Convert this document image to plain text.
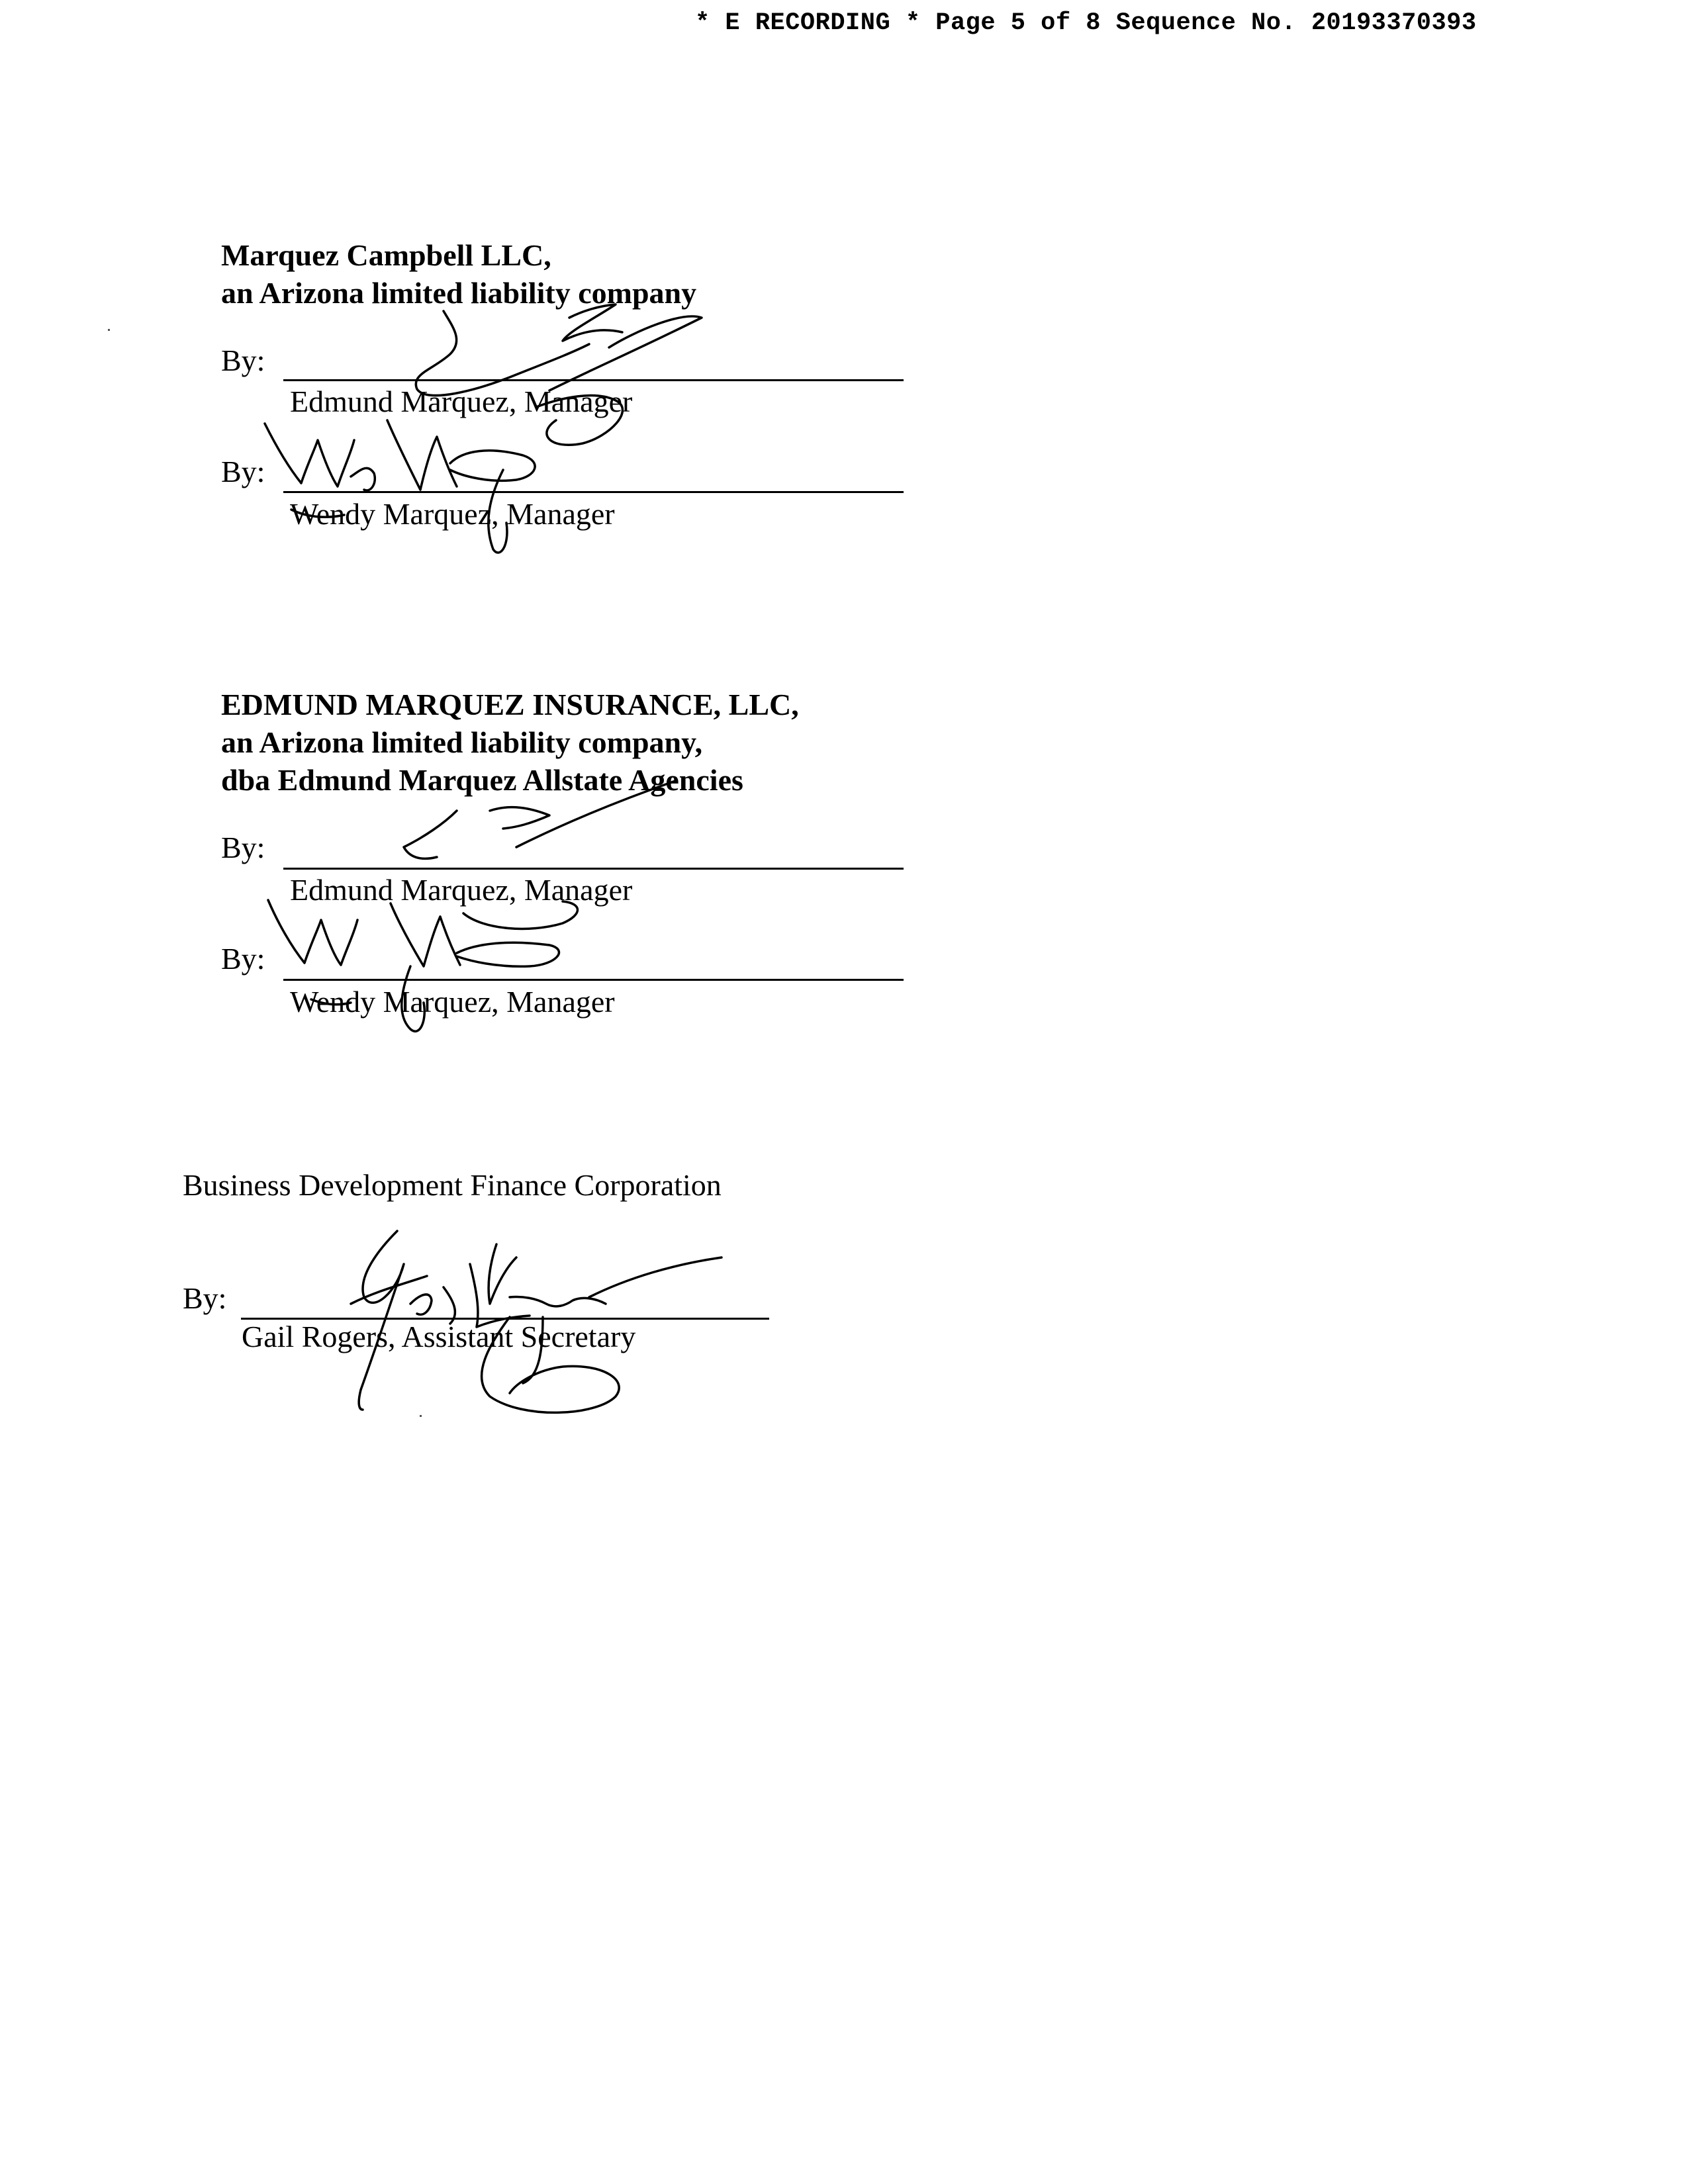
* E RECORDING * Page 5 of 8 Sequence No. 20193370393
Marquez Campbell LLC,
an Arizona limited liability company
By:
Edmund Marquez, Manager
By:
Wendy Marquez, Manager
EDMUND MARQUEZ INSURANCE, LLC,
an Arizona limited liability company,
dba Edmund Marquez Allstate Agencies
By:
Edmund Marquez, Manager
By:
Wendy Marquez, Manager
Business Development Finance Corporation
By:
Gail Rogers, Assistant Secretary
